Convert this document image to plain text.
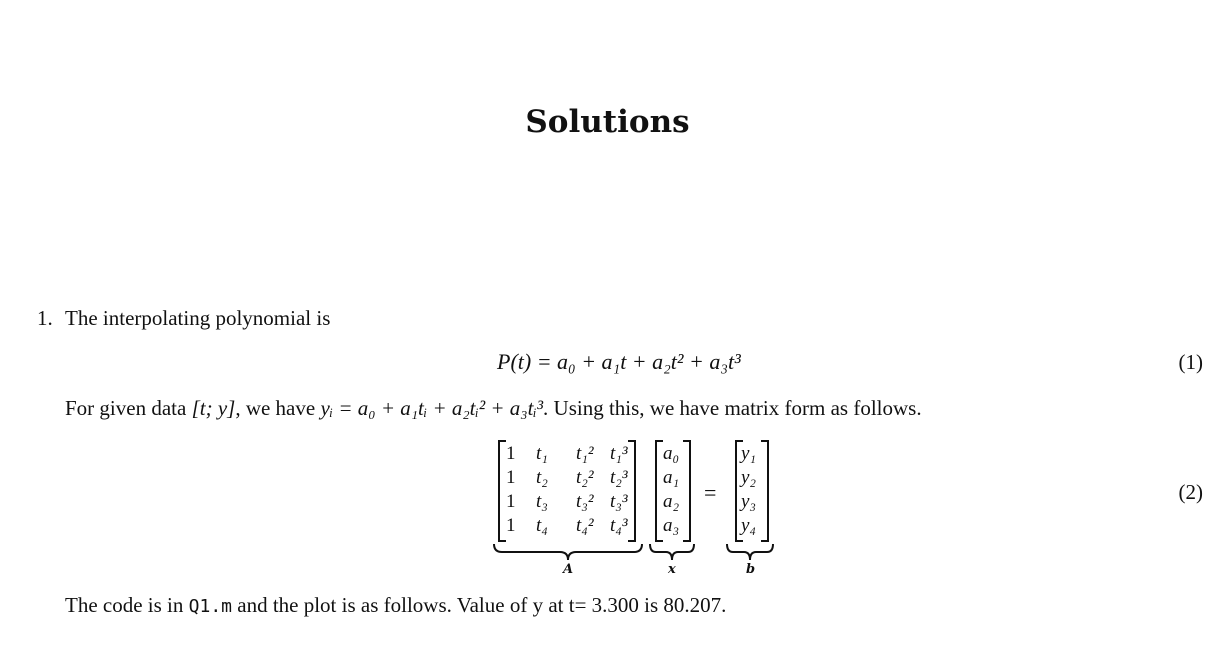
Solutions
1. The interpolating polynomial is
P(t) = a₀ + a₁t + a₂t² + a₃t³	(1)
For given data [t; y], we have yᵢ = a₀ + a₁tᵢ + a₂tᵢ² + a₃tᵢ³. Using this, we have matrix form as follows.
1 t₁ t₁² t₁³
1 t₂ t₂² t₂³
1 t₃ t₃² t₃³
1 t₄ t₄² t₄³
a₀
a₁
a₂
a₃
=
y₁
y₂
y₃
y₄
A	x	b
(2)
The code is in Q1.m and the plot is as follows. Value of y at t= 3.300 is 80.207.
